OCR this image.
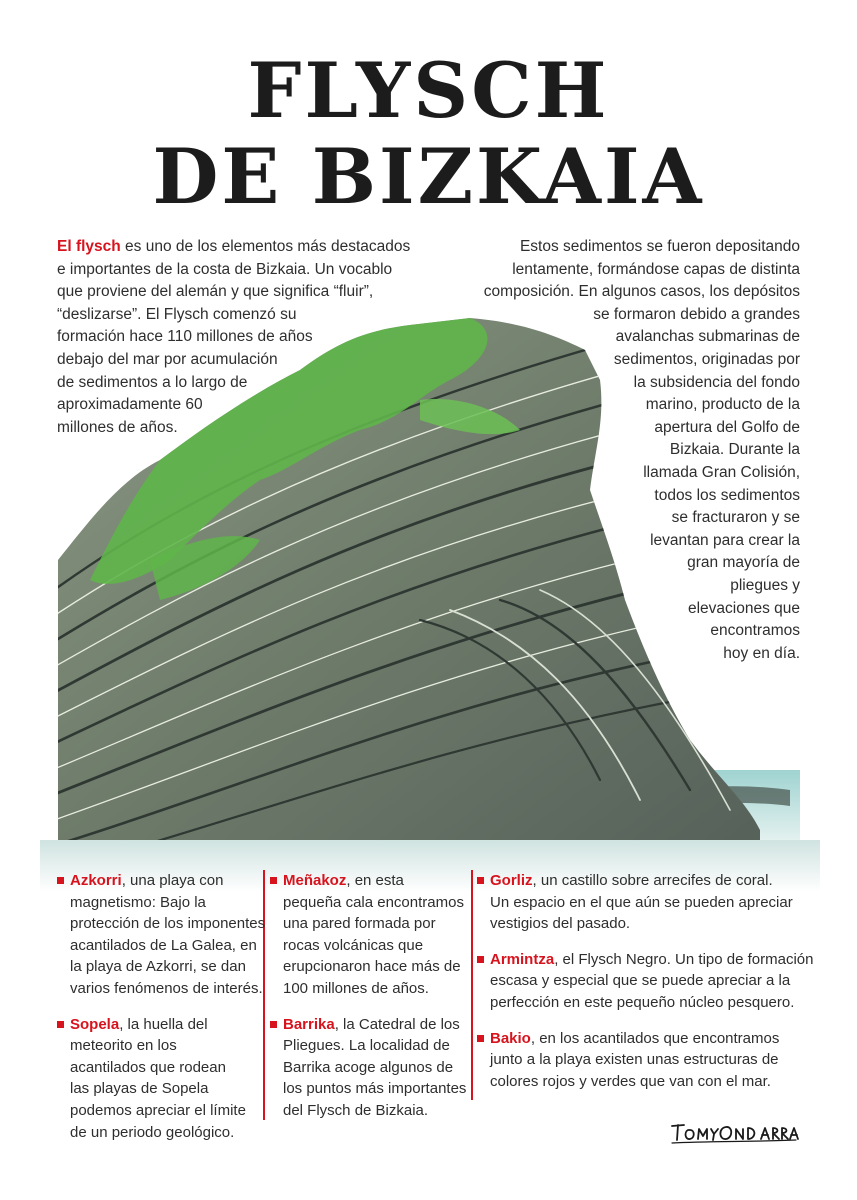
FLYSCH
DE BIZKAIA
El flysch es uno de los elementos más destacados
e importantes de la costa de Bizkaia. Un vocablo
que proviene del alemán y que significa “fluir”,
“deslizarse”. El Flysch comenzó su
formación hace 110 millones de años
debajo del mar por acumulación
de sedimentos a lo largo de
aproximadamente 60
millones de años.
Estos sedimentos se fueron depositando
lentamente, formándose capas de distinta
composición. En algunos casos, los depósitos
se formaron debido a grandes
avalanchas submarinas de
sedimentos, originadas por
la subsidencia del fondo
marino, producto de la
apertura del Golfo de
Bizkaia. Durante la
llamada Gran Colisión,
todos los sedimentos
se fracturaron y se
levantan para crear la
gran mayoría de
pliegues y
elevaciones que
encontramos
hoy en día.
Azkorri, una playa con
magnetismo: Bajo la
protección de los imponentes
acantilados de La Galea, en
la playa de Azkorri, se dan
varios fenómenos de interés.
Sopela, la huella del
meteorito en los
acantilados que rodean
las playas de Sopela
podemos apreciar el límite
de un periodo geológico.
Meñakoz, en esta
pequeña cala encontramos
una pared formada por
rocas volcánicas que
erupcionaron hace más de
100 millones de años.
Barrika, la Catedral de los
Pliegues. La localidad de
Barrika acoge algunos de
los puntos más importantes
del Flysch de Bizkaia.
Gorliz, un castillo sobre arrecifes de coral.
Un espacio en el que aún se pueden apreciar
vestigios del pasado.
Armintza, el Flysch Negro. Un tipo de formación
escasa y especial que se puede apreciar a la
perfección en este pequeño núcleo pesquero.
Bakio, en los acantilados que encontramos
junto a la playa existen unas estructuras de
colores rojos y verdes que van con el mar.
